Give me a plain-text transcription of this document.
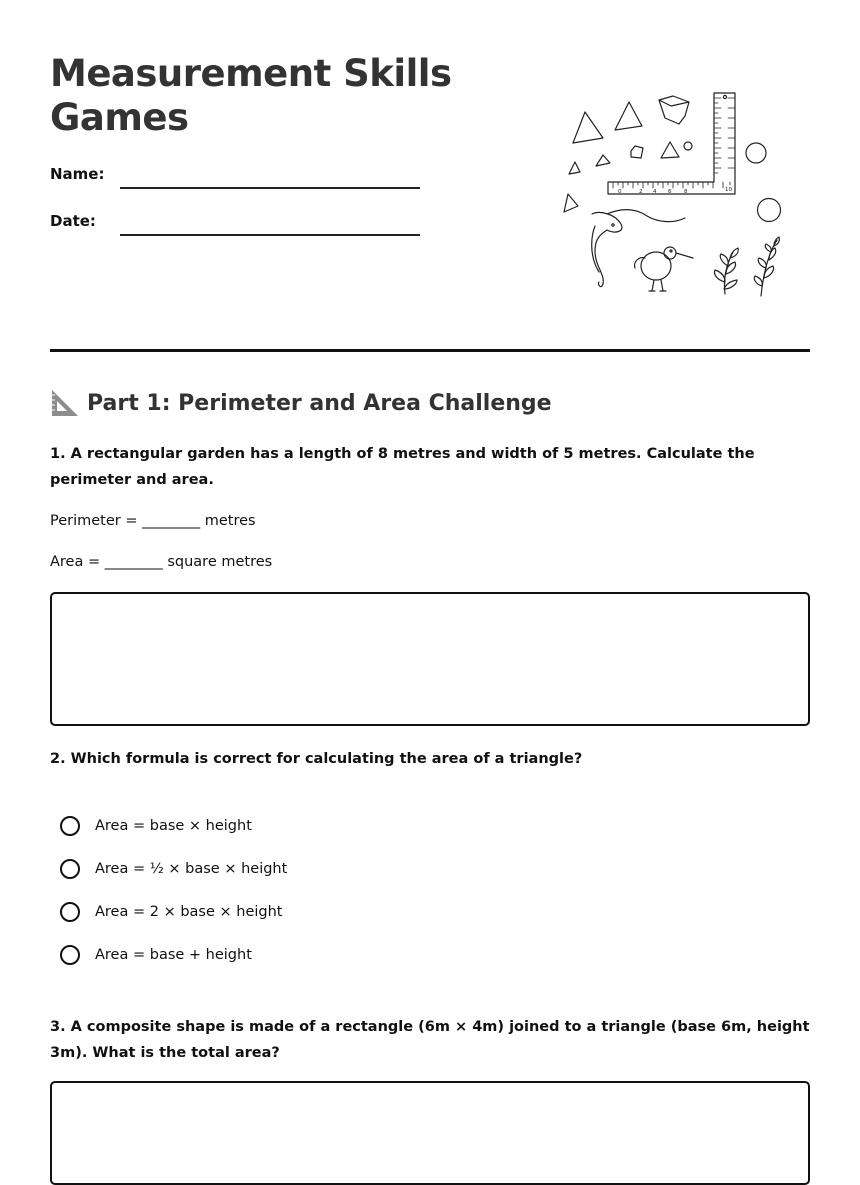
Measurement Skills Games
Name:
Date:
0	2 4 6 8	10
Part 1: Perimeter and Area Challenge

1. A rectangular garden has a length of 8 metres and width of 5 metres. Calculate the perimeter and area.

Perimeter = ________ metres
Area = ________ square metres

2. Which formula is correct for calculating the area of a triangle?

Area = base × height
Area = ½ × base × height
Area = 2 × base × height
Area = base + height

3. A composite shape is made of a rectangle (6m × 4m) joined to a triangle (base 6m, height 3m). What is the total area?
